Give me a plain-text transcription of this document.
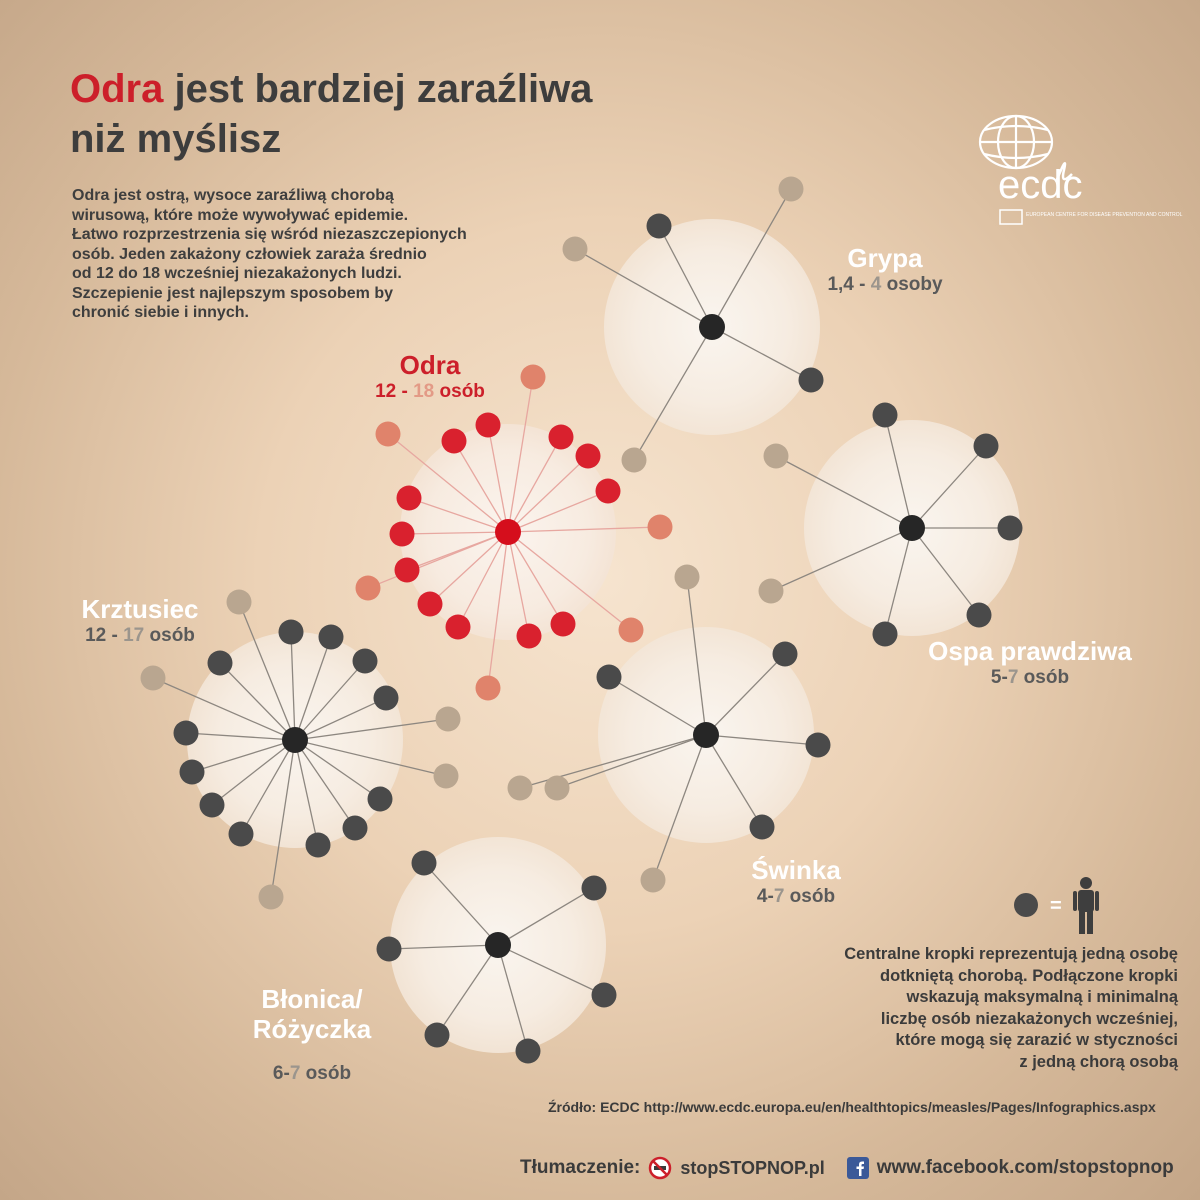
Odra jest bardziej zaraźliwa
niż myślisz
Odra jest ostrą, wysoce zaraźliwą chorobą
wirusową, które może wywoływać epidemie.
Łatwo rozprzestrzenia się wśród niezaszczepionych
osób. Jeden zakażony człowiek zaraża średnio
od 12 do 18 wcześniej niezakażonych ludzi.
Szczepienie jest najlepszym sposobem by
chronić siebie i innych.
ecdc
EUROPEAN CENTRE FOR DISEASE PREVENTION AND CONTROL
Odra
12 - 18 osób
Grypa
1,4 - 4 osoby
Ospa prawdziwa
5-7 osób
Krztusiec
12 - 17 osób
Świnka
4-7 osób

Błonica/
Różyczka

6-7 osób

=
Centralne kropki reprezentują jedną osobę
dotkniętą chorobą. Podłączone kropki
wskazują maksymalną i minimalną
liczbę osób niezakażonych wcześniej,
które mogą się zarazić w styczności
z jedną chorą osobą
Źródło: ECDC http://www.ecdc.europa.eu/en/healthtopics/measles/Pages/Infographics.aspx
Tłumaczenie: stopSTOPNOP.pl	www.facebook.com/stopstopnop
